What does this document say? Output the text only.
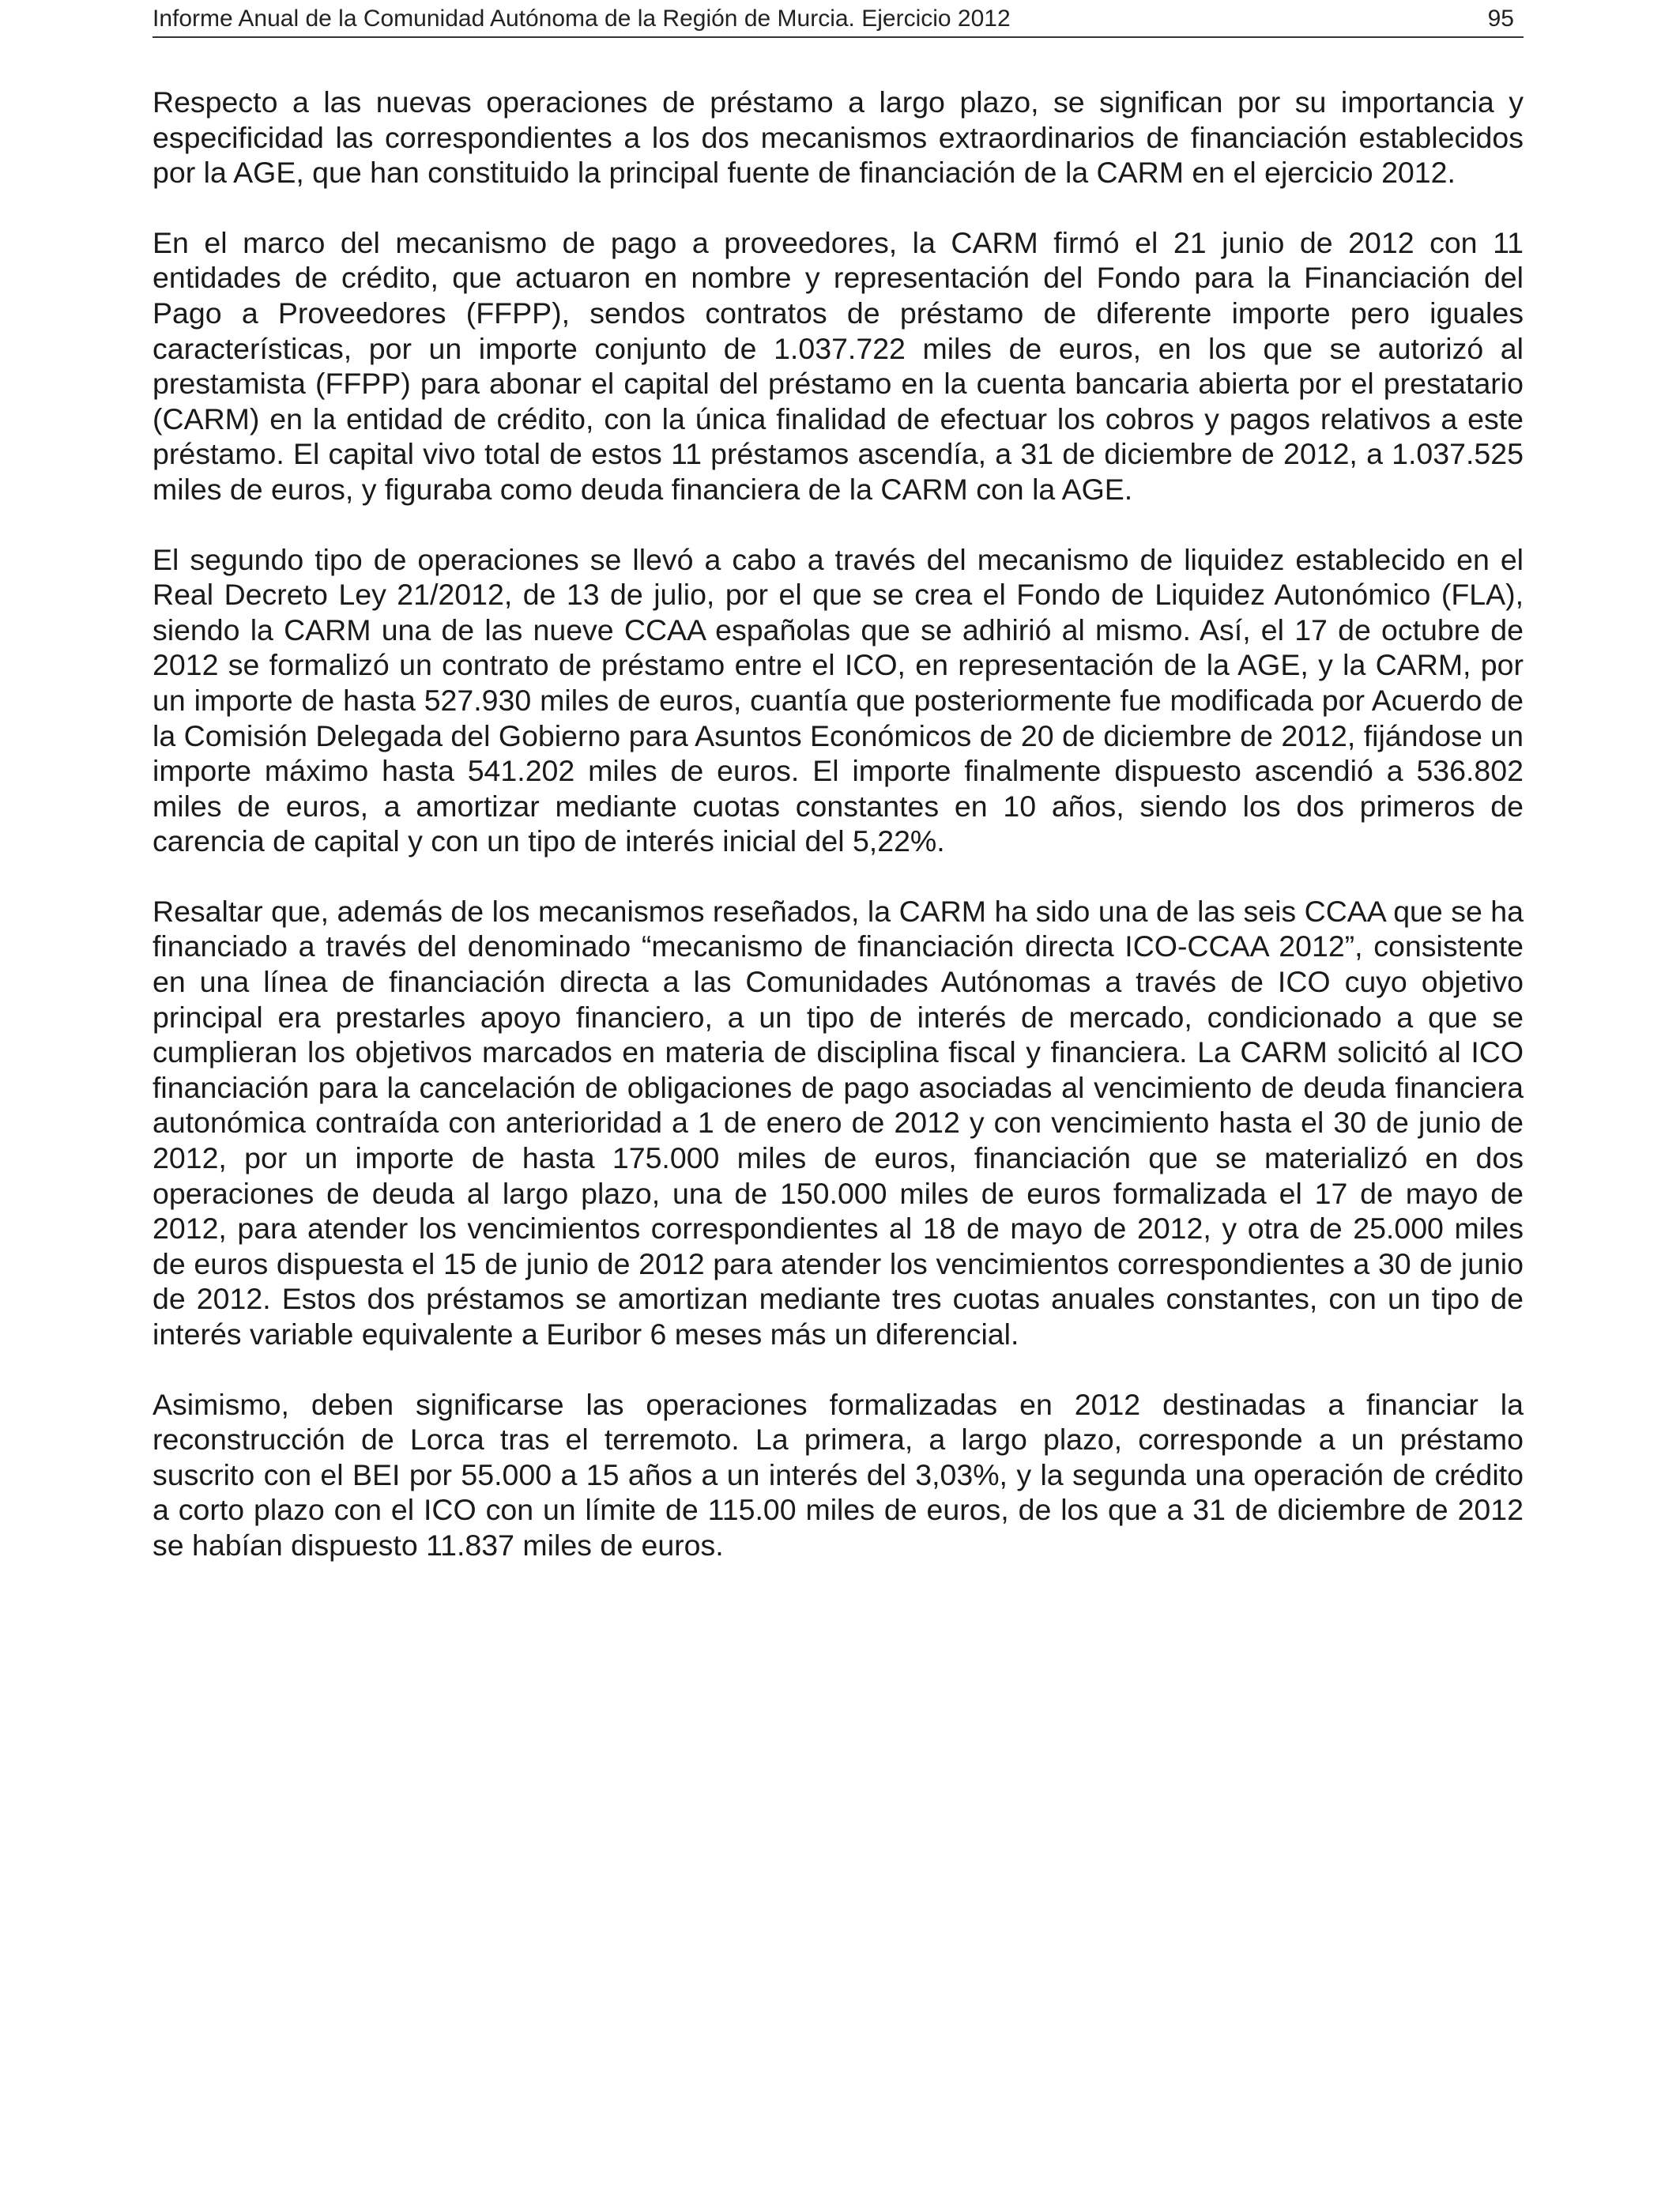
Informe Anual de la Comunidad Autónoma de la Región de Murcia. Ejercicio 2012	95

Respecto a las nuevas operaciones de préstamo a largo plazo, se significan por su importancia y especificidad las correspondientes a los dos mecanismos extraordinarios de financiación establecidos por la AGE, que han constituido la principal fuente de financiación de la CARM en el ejercicio 2012.

En el marco del mecanismo de pago a proveedores, la CARM firmó el 21 junio de 2012 con 11 entidades de crédito, que actuaron en nombre y representación del Fondo para la Financiación del Pago a Proveedores (FFPP), sendos contratos de préstamo de diferente importe pero iguales características, por un importe conjunto de 1.037.722 miles de euros, en los que se autorizó al prestamista (FFPP) para abonar el capital del préstamo en la cuenta bancaria abierta por el prestatario (CARM) en la entidad de crédito, con la única finalidad de efectuar los cobros y pagos relativos a este préstamo. El capital vivo total de estos 11 préstamos ascendía, a 31 de diciembre de 2012, a 1.037.525 miles de euros, y figuraba como deuda financiera de la CARM con la AGE.

El segundo tipo de operaciones se llevó a cabo a través del mecanismo de liquidez establecido en el Real Decreto Ley 21/2012, de 13 de julio, por el que se crea el Fondo de Liquidez Autonómico (FLA), siendo la CARM una de las nueve CCAA españolas que se adhirió al mismo. Así, el 17 de octubre de 2012 se formalizó un contrato de préstamo entre el ICO, en representación de la AGE, y la CARM, por un importe de hasta 527.930 miles de euros, cuantía que posteriormente fue modificada por Acuerdo de la Comisión Delegada del Gobierno para Asuntos Económicos de 20 de diciembre de 2012, fijándose un importe máximo hasta 541.202 miles de euros. El importe finalmente dispuesto ascendió a 536.802 miles de euros, a amortizar mediante cuotas constantes en 10 años, siendo los dos primeros de carencia de capital y con un tipo de interés inicial del 5,22%.

Resaltar que, además de los mecanismos reseñados, la CARM ha sido una de las seis CCAA que se ha financiado a través del denominado “mecanismo de financiación directa ICO-CCAA 2012”, consistente en una línea de financiación directa a las Comunidades Autónomas a través de ICO cuyo objetivo principal era prestarles apoyo financiero, a un tipo de interés de mercado, condicionado a que se cumplieran los objetivos marcados en materia de disciplina fiscal y financiera. La CARM solicitó al ICO financiación para la cancelación de obligaciones de pago asociadas al vencimiento de deuda financiera autonómica contraída con anterioridad a 1 de enero de 2012 y con vencimiento hasta el 30 de junio de 2012, por un importe de hasta 175.000 miles de euros, financiación que se materializó en dos operaciones de deuda al largo plazo, una de 150.000 miles de euros formalizada el 17 de mayo de 2012, para atender los vencimientos correspondientes al 18 de mayo de 2012, y otra de 25.000 miles de euros dispuesta el 15 de junio de 2012 para atender los vencimientos correspondientes a 30 de junio de 2012. Estos dos préstamos se amortizan mediante tres cuotas anuales constantes, con un tipo de interés variable equivalente a Euribor 6 meses más un diferencial.

Asimismo, deben significarse las operaciones formalizadas en 2012 destinadas a financiar la reconstrucción de Lorca tras el terremoto. La primera, a largo plazo, corresponde a un préstamo suscrito con el BEI por 55.000 a 15 años a un interés del 3,03%, y la segunda una operación de crédito a corto plazo con el ICO con un límite de 115.00 miles de euros, de los que a 31 de diciembre de 2012 se habían dispuesto 11.837 miles de euros.
